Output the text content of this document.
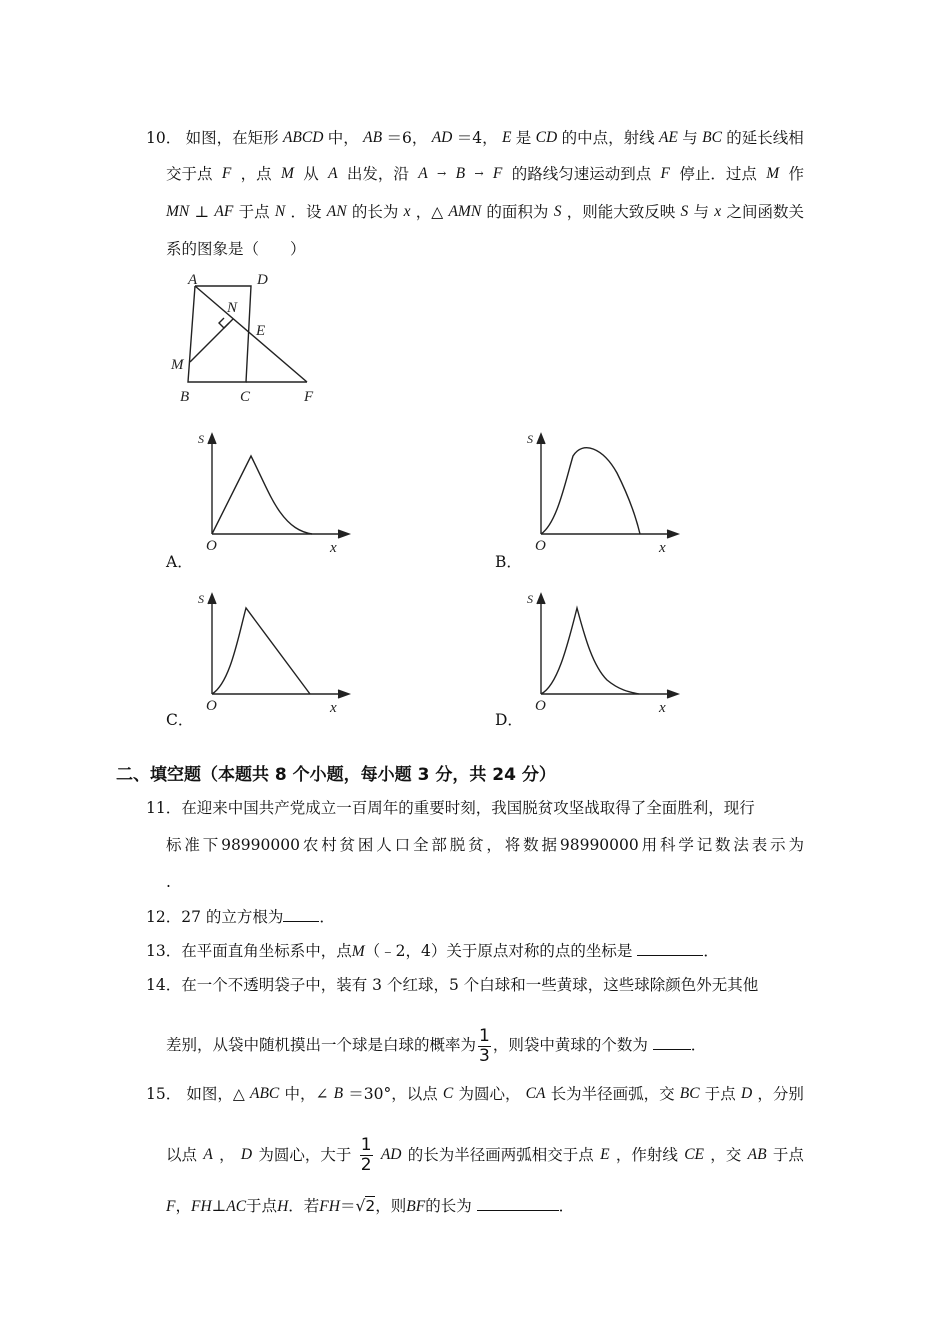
10． 如图，在矩形 ABCD 中， AB ＝6， AD ＝4， E 是 CD 的中点，射线 AE 与 BC 的延长线相
交于点 F ，点 M 从 A 出发，沿 A → B → F 的路线匀速运动到点 F 停止．过点 M 作
MN ⊥ AF 于点 N ．设 AN 的长为 x ，△ AMN 的面积为 S ，则能大致反映 S 与 x 之间函数关
系的图象是（　　）
A	D
N
E
M
B	C	F
S
O	x
A．
S
O	x
B．
S
O	x
C．
S
O	x
D．
二、填空题（本题共 8 个小题，每小题 3 分，共 24 分）
11．在迎来中国共产党成立一百周年的重要时刻，我国脱贫攻坚战取得了全面胜利，现行
标 准 下 98990000 农 村 贫 困 人 口 全 部 脱 贫 ， 将 数 据 98990000 用 科 学 记 数 法 表 示 为
.
12．27 的立方根为 ．
13．在平面直角坐标系中，点M（﹣2，4）关于原点对称的点的坐标是	．
14．在一个不透明袋子中，装有 3 个红球，5 个白球和一些黄球，这些球除颜色外无其他
差别，从袋中随机摸出一个球是白球的概率为 $\frac{1}{3}$ ，则袋中黄球的个数为	．
15． 如图，△ ABC 中，∠ B ＝30°，以点 C 为圆心， CA 长为半径画弧，交 BC 于点 D ，分别
以点 A ， D 为圆心，大于 $\frac{1}{2}$ AD 的长为半径画两弧相交于点 E ，作射线 CE ，交 AB 于点
F，FH⊥AC于点H．若FH＝√2，则BF的长为	．
